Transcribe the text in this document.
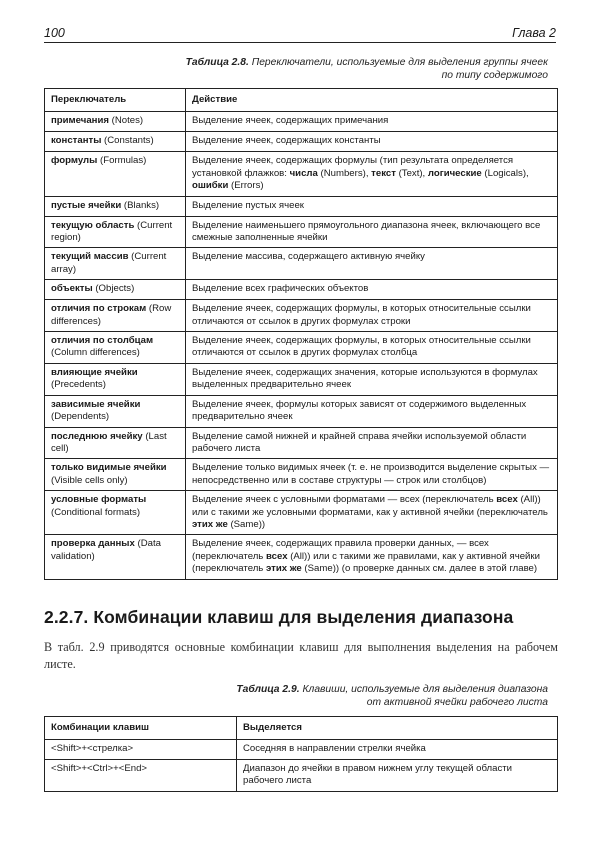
100	Глава 2
Таблица 2.8. Переключатели, используемые для выделения группы ячеек
по типу содержимого
Переключатель	Действие
примечания (Notes)	Выделение ячеек, содержащих примечания
константы (Constants)	Выделение ячеек, содержащих константы
формулы (Formulas)	Выделение ячеек, содержащих формулы (тип результата определяется установкой флажков: числа (Numbers), текст (Text), логические (Logicals), ошибки (Errors)
пустые ячейки (Blanks)	Выделение пустых ячеек
текущую область (Current region)	Выделение наименьшего прямоугольного диапазона ячеек, включающего все смежные заполненные ячейки
текущий массив (Current array)	Выделение массива, содержащего активную ячейку
объекты (Objects)	Выделение всех графических объектов
отличия по строкам (Row differences)	Выделение ячеек, содержащих формулы, в которых относительные ссылки отличаются от ссылок в других формулах строки
отличия по столбцам (Column differences)	Выделение ячеек, содержащих формулы, в которых относительные ссылки отличаются от ссылок в других формулах столбца
влияющие ячейки (Precedents)	Выделение ячеек, содержащих значения, которые используются в формулах выделенных предварительно ячеек
зависимые ячейки (Dependents)	Выделение ячеек, формулы которых зависят от содержимого выделенных предварительно ячеек
последнюю ячейку (Last cell)	Выделение самой нижней и крайней справа ячейки используемой области рабочего листа
только видимые ячейки (Visible cells only)	Выделение только видимых ячеек (т. е. не производится выделение скрытых — непосредственно или в составе структуры — строк или столбцов)
условные форматы (Conditional formats)	Выделение ячеек с условными форматами — всех (переключатель всех (All)) или с такими же условными форматами, как у активной ячейки (переключатель этих же (Same))
проверка данных (Data validation)	Выделение ячеек, содержащих правила проверки данных, — всех (переключатель всех (All)) или с такими же правилами, как у активной ячейки (переключатель этих же (Same)) (о проверке данных см. далее в этой главе)
2.2.7. Комбинации клавиш для выделения диапазона
В табл. 2.9 приводятся основные комбинации клавиш для выполнения выделения на рабочем листе.
Таблица 2.9. Клавиши, используемые для выделения диапазона
от активной ячейки рабочего листа
Комбинации клавиш	Выделяется
<Shift>+<стрелка>	Соседняя в направлении стрелки ячейка
<Shift>+<Ctrl>+<End>	Диапазон до ячейки в правом нижнем углу текущей области рабочего листа
